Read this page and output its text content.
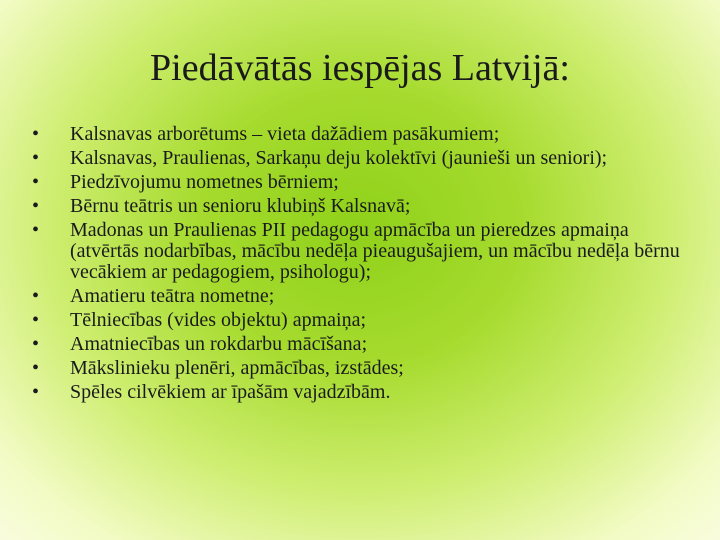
Piedāvātās iespējas Latvijā:
•	Kalsnavas arborētums – vieta dažādiem pasākumiem;
•	Kalsnavas, Praulienas, Sarkaņu deju kolektīvi (jaunieši un seniori);
•	Piedzīvojumu nometnes bērniem;
•	Bērnu teātris un senioru klubiņš Kalsnavā;
•	Madonas un Praulienas PII pedagogu apmācība un pieredzes apmaiņa (atvērtās nodarbības, mācību nedēļa pieaugušajiem, un mācību nedēļa bērnu vecākiem ar pedagogiem, psihologu);
•	Amatieru teātra nometne;
•	Tēlniecības (vides objektu) apmaiņa;
•	Amatniecības un rokdarbu mācīšana;
•	Mākslinieku plenēri, apmācības, izstādes;
•	Spēles cilvēkiem ar īpašām vajadzībām.
